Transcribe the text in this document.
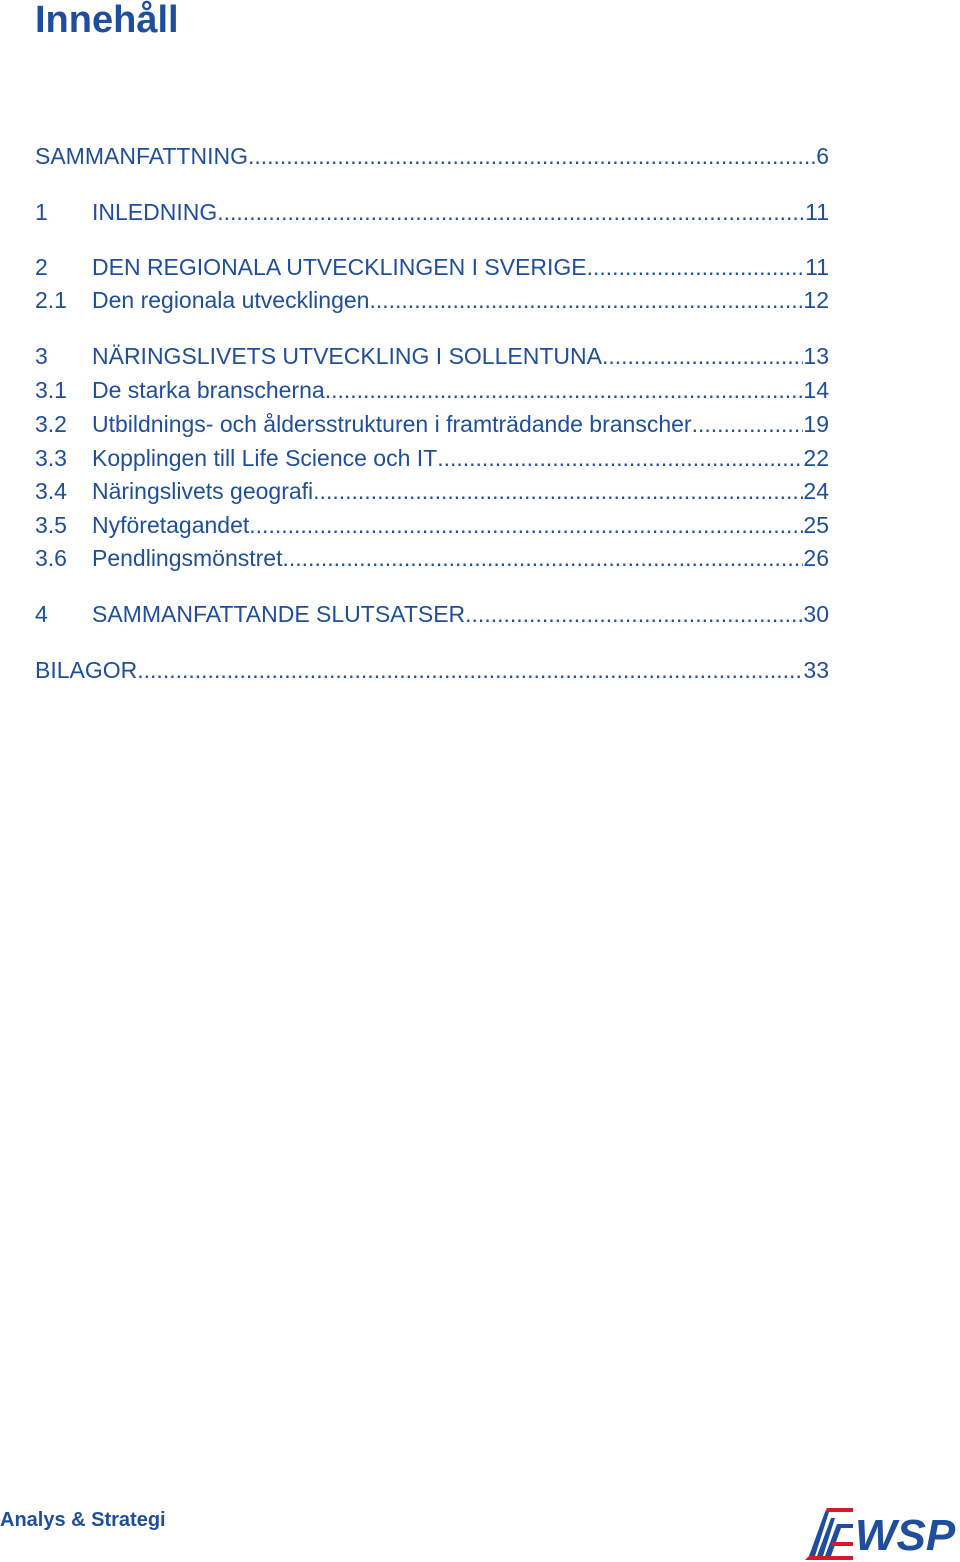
Innehåll
SAMMANFATTNING .....	6
1	INLEDNING .....	11
2	DEN REGIONALA UTVECKLINGEN I SVERIGE .....	11
2.1	Den regionala utvecklingen .....	12
3	NÄRINGSLIVETS UTVECKLING I SOLLENTUNA .....	13
3.1	De starka branscherna .....	14
3.2	Utbildnings- och åldersstrukturen i framträdande branscher .....	19
3.3	Kopplingen till Life Science och IT .....	22
3.4	Näringslivets geografi .....	24
3.5	Nyföretagandet .....	25
3.6	Pendlingsmönstret .....	26
4	SAMMANFATTANDE SLUTSATSER .....	30
BILAGOR .....	33
Analys & Strategi	WSP
